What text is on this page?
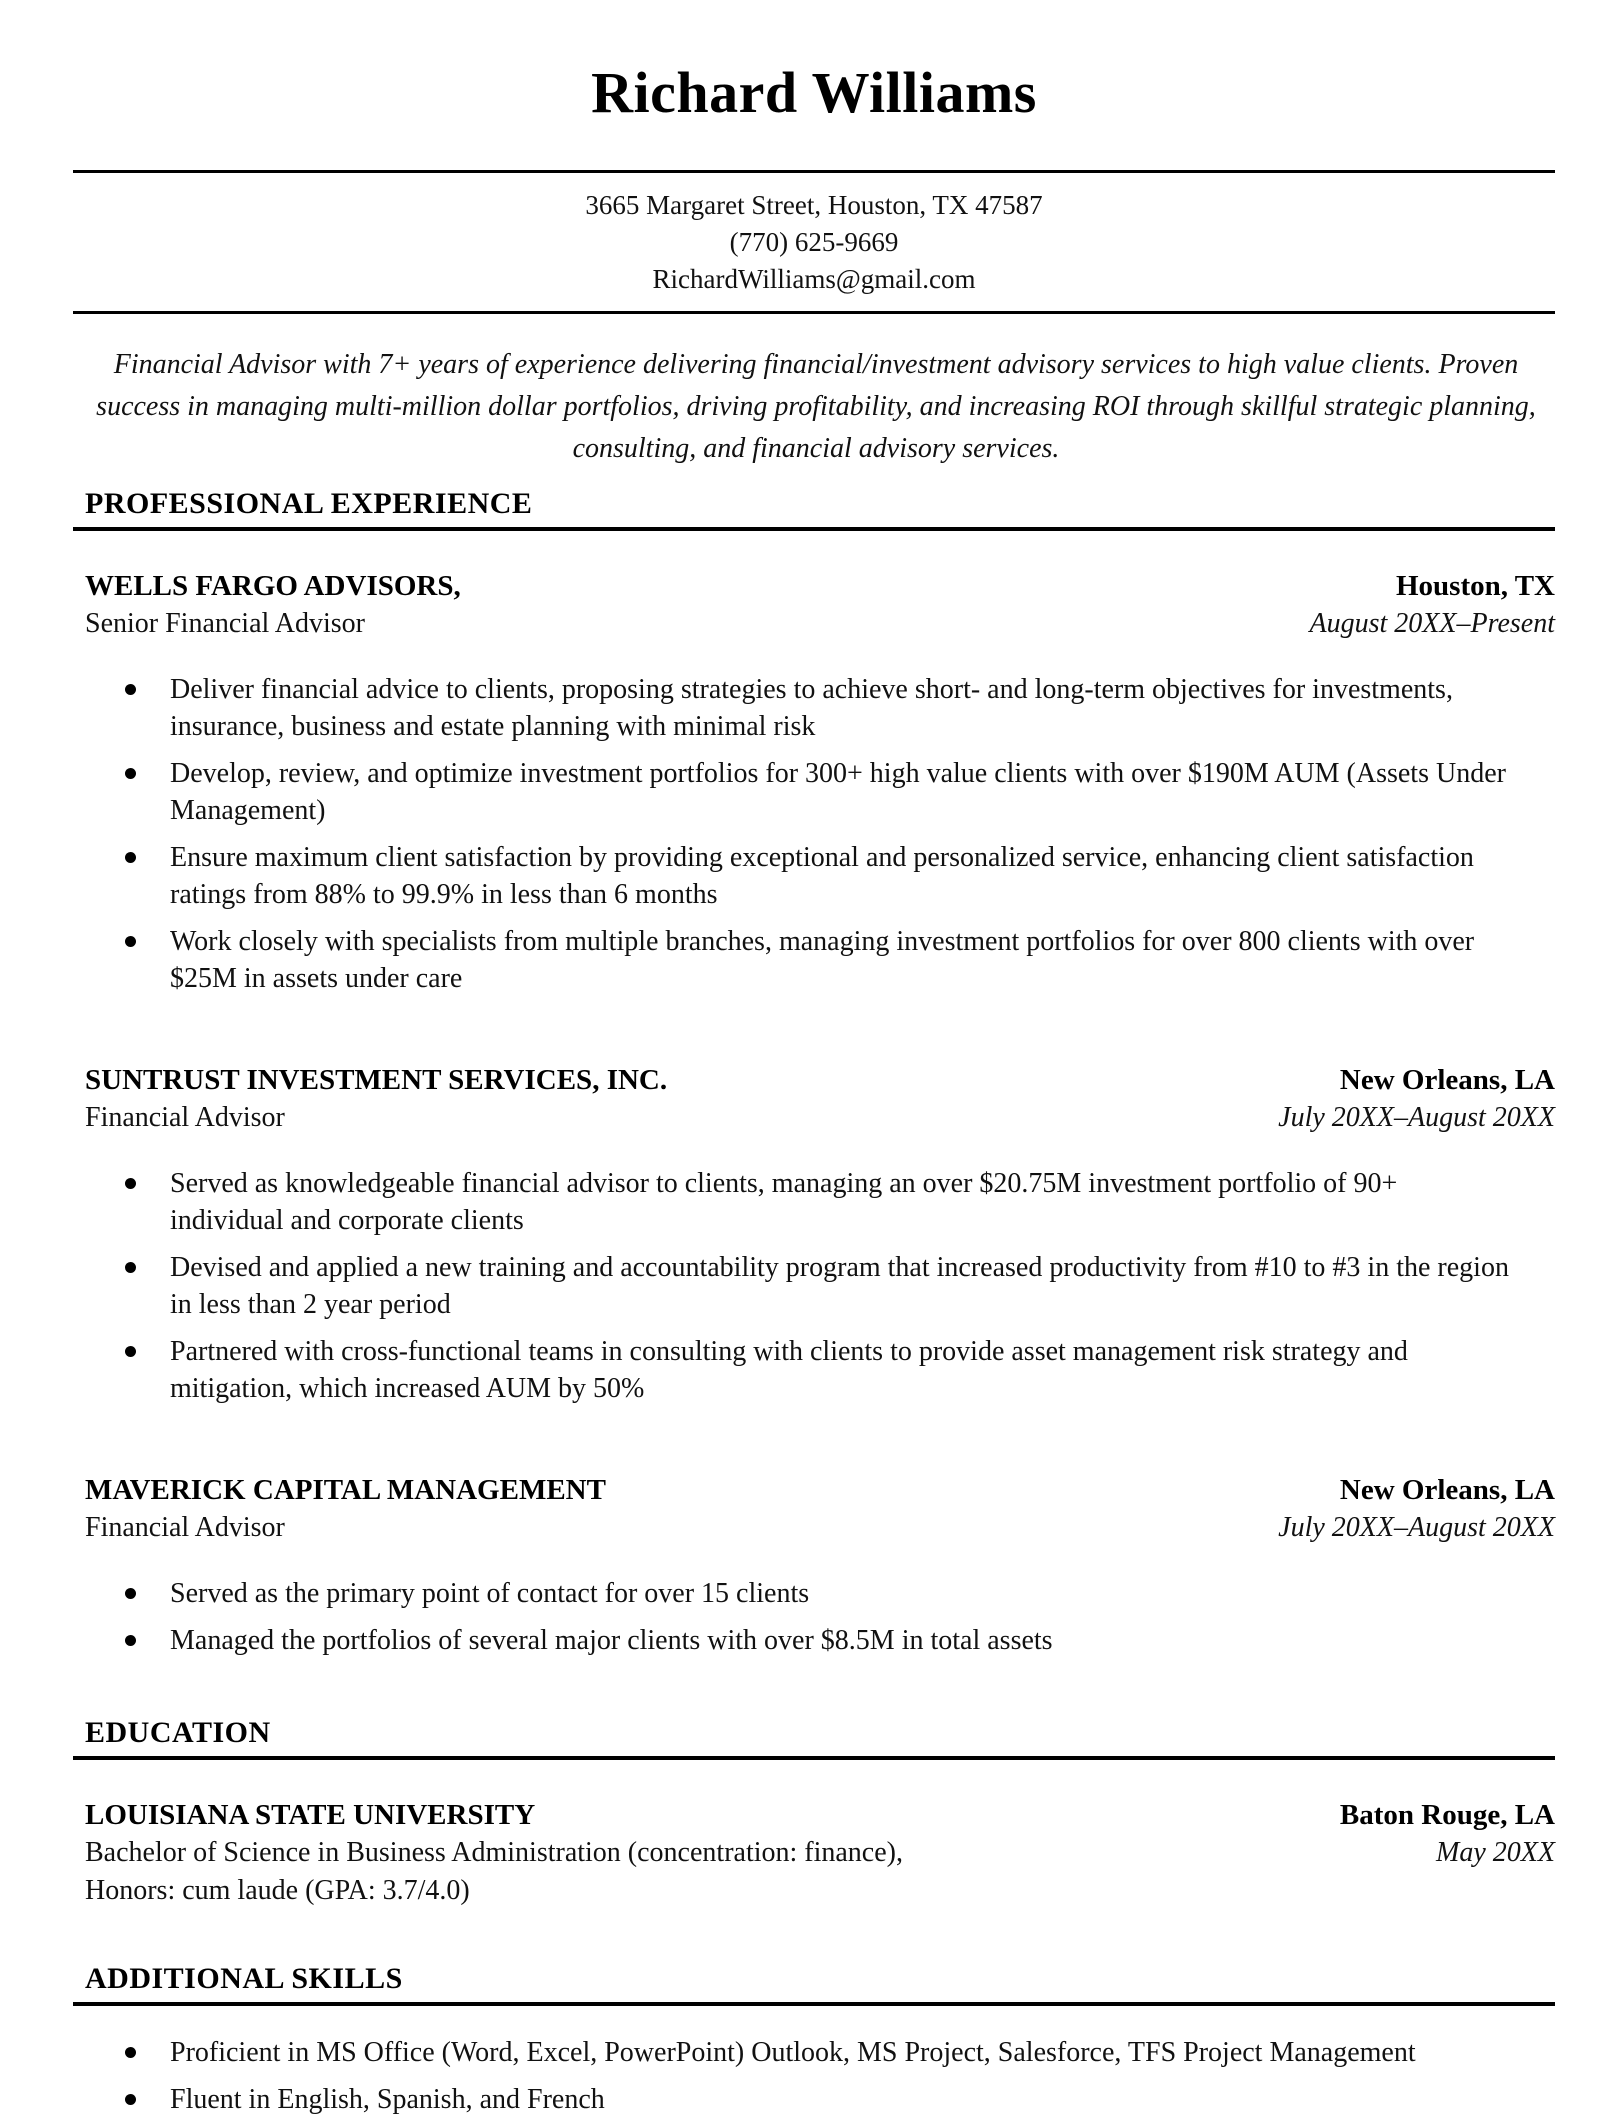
Richard Williams
3665 Margaret Street, Houston, TX 47587
(770) 625-9669
RichardWilliams@gmail.com

Financial Advisor with 7+ years of experience delivering financial/investment advisory services to high value clients. Proven success in managing multi-million dollar portfolios, driving profitability, and increasing ROI through skillful strategic planning, consulting, and financial advisory services.

PROFESSIONAL EXPERIENCE
WELLS FARGO ADVISORS,	Houston, TX
Senior Financial Advisor	August 20XX–Present
Deliver financial advice to clients, proposing strategies to achieve short- and long-term objectives for investments, insurance, business and estate planning with minimal risk
Develop, review, and optimize investment portfolios for 300+ high value clients with over $190M AUM (Assets Under Management)
Ensure maximum client satisfaction by providing exceptional and personalized service, enhancing client satisfaction ratings from 88% to 99.9% in less than 6 months
Work closely with specialists from multiple branches, managing investment portfolios for over 800 clients with over $25M in assets under care
SUNTRUST INVESTMENT SERVICES, INC.	New Orleans, LA
Financial Advisor	July 20XX–August 20XX
Served as knowledgeable financial advisor to clients, managing an over $20.75M investment portfolio of 90+ individual and corporate clients
Devised and applied a new training and accountability program that increased productivity from #10 to #3 in the region in less than 2 year period
Partnered with cross-functional teams in consulting with clients to provide asset management risk strategy and mitigation, which increased AUM by 50%
MAVERICK CAPITAL MANAGEMENT	New Orleans, LA
Financial Advisor	July 20XX–August 20XX
Served as the primary point of contact for over 15 clients
Managed the portfolios of several major clients with over $8.5M in total assets
EDUCATION
LOUISIANA STATE UNIVERSITY	Baton Rouge, LA
Bachelor of Science in Business Administration (concentration: finance),	May 20XX
Honors: cum laude (GPA: 3.7/4.0)
ADDITIONAL SKILLS
Proficient in MS Office (Word, Excel, PowerPoint) Outlook, MS Project, Salesforce, TFS Project Management
Fluent in English, Spanish, and French
